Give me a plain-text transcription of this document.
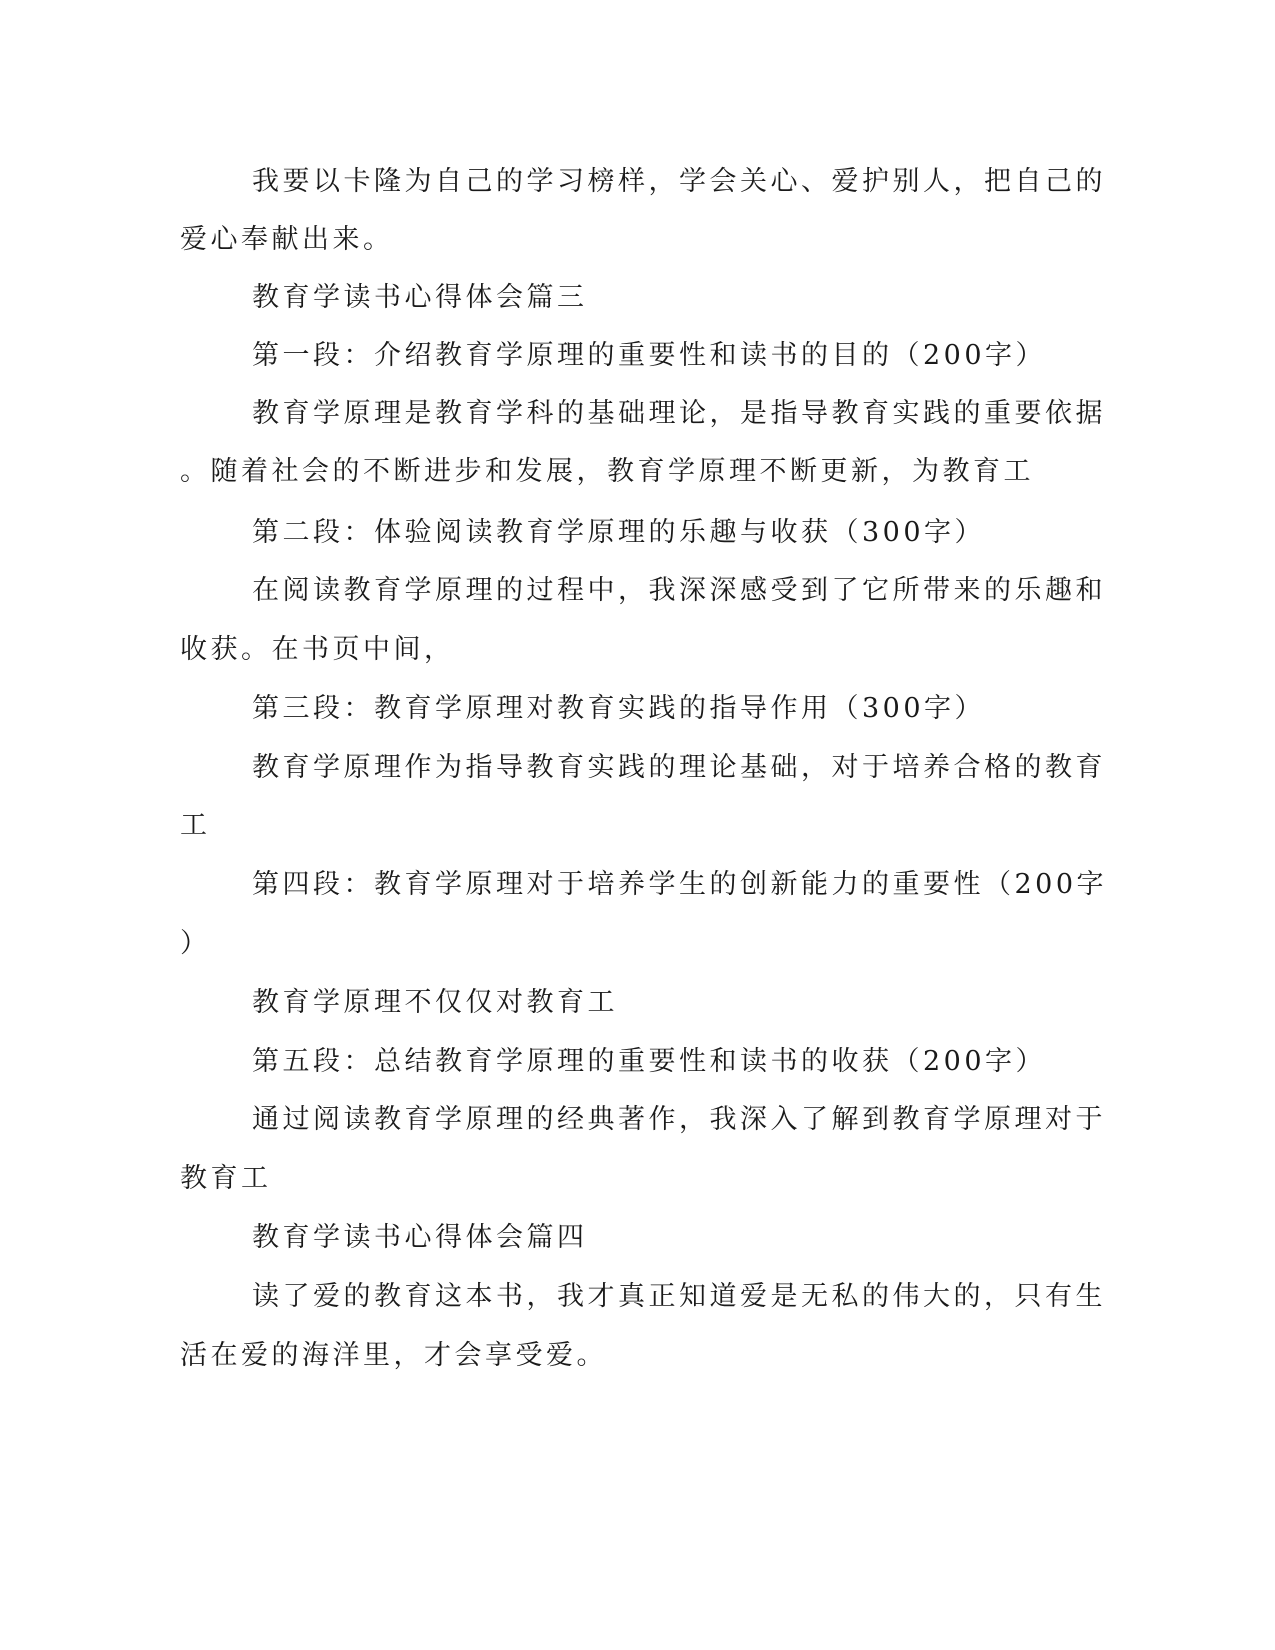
我要以卡隆为自己的学习榜样，学会关心、爱护别人，把自己的
爱心奉献出来。
教育学读书心得体会篇三
第一段：介绍教育学原理的重要性和读书的目的（200字）
教育学原理是教育学科的基础理论，是指导教育实践的重要依据
。随着社会的不断进步和发展，教育学原理不断更新，为教育工
第二段：体验阅读教育学原理的乐趣与收获（300字）
在阅读教育学原理的过程中，我深深感受到了它所带来的乐趣和
收获。在书页中间，
第三段：教育学原理对教育实践的指导作用（300字）
教育学原理作为指导教育实践的理论基础，对于培养合格的教育
工
第四段：教育学原理对于培养学生的创新能力的重要性（200字
）
教育学原理不仅仅对教育工
第五段：总结教育学原理的重要性和读书的收获（200字）
通过阅读教育学原理的经典著作，我深入了解到教育学原理对于
教育工
教育学读书心得体会篇四
读了爱的教育这本书，我才真正知道爱是无私的伟大的，只有生
活在爱的海洋里，才会享受爱。
